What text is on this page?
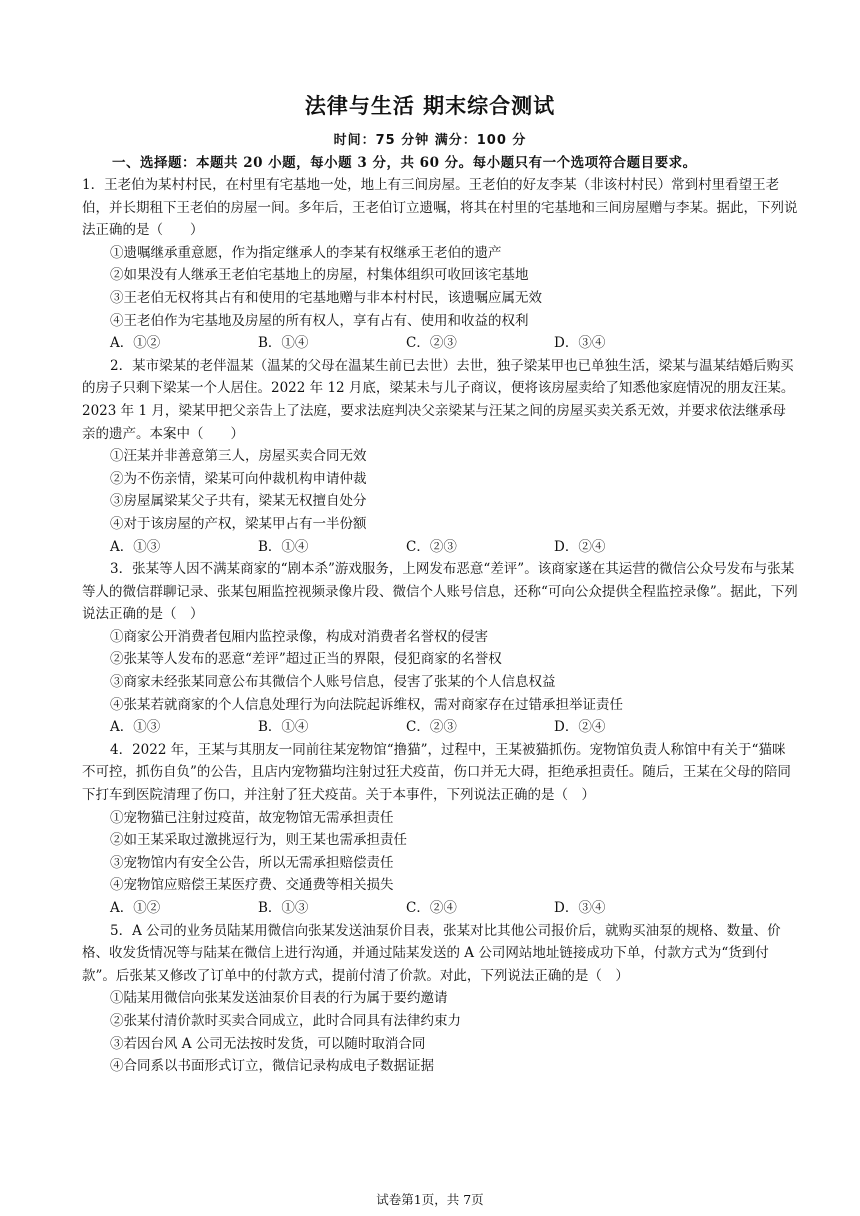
法律与生活 期末综合测试
时间：75 分钟 满分：100 分
一、选择题：本题共 20 小题，每小题 3 分，共 60 分。每小题只有一个选项符合题目要求。

1．王老伯为某村村民，在村里有宅基地一处，地上有三间房屋。王老伯的好友李某（非该村村民）常到村里看望王老伯，并长期租下王老伯的房屋一间。多年后，王老伯订立遗嘱，将其在村里的宅基地和三间房屋赠与李某。据此，下列说法正确的是（　　）

①遗嘱继承重意愿，作为指定继承人的李某有权继承王老伯的遗产

②如果没有人继承王老伯宅基地上的房屋，村集体组织可收回该宅基地

③王老伯无权将其占有和使用的宅基地赠与非本村村民，该遗嘱应属无效

④王老伯作为宅基地及房屋的所有权人，享有占有、使用和收益的权利

A．①②	B．①④	C．②③	D．③④

2．某市梁某的老伴温某（温某的父母在温某生前已去世）去世，独子梁某甲也已单独生活，梁某与温某结婚后购买的房子只剩下梁某一个人居住。2022 年 12 月底，梁某未与儿子商议，便将该房屋卖给了知悉他家庭情况的朋友汪某。2023 年 1 月，梁某甲把父亲告上了法庭，要求法庭判决父亲梁某与汪某之间的房屋买卖关系无效，并要求依法继承母亲的遗产。本案中（　　）

①汪某并非善意第三人，房屋买卖合同无效

②为不伤亲情，梁某可向仲裁机构申请仲裁

③房屋属梁某父子共有，梁某无权擅自处分

④对于该房屋的产权，梁某甲占有一半份额

A．①③	B．①④	C．②③	D．②④

3．张某等人因不满某商家的“剧本杀”游戏服务，上网发布恶意“差评”。该商家遂在其运营的微信公众号发布与张某等人的微信群聊记录、张某包厢监控视频录像片段、微信个人账号信息，还称“可向公众提供全程监控录像”。据此，下列说法正确的是（　）

①商家公开消费者包厢内监控录像，构成对消费者名誉权的侵害

②张某等人发布的恶意“差评”超过正当的界限，侵犯商家的名誉权

③商家未经张某同意公布其微信个人账号信息，侵害了张某的个人信息权益

④张某若就商家的个人信息处理行为向法院起诉维权，需对商家存在过错承担举证责任

A．①③	B．①④	C．②③	D．②④

4．2022 年，王某与其朋友一同前往某宠物馆“撸猫”，过程中，王某被猫抓伤。宠物馆负责人称馆中有关于“猫咪不可控，抓伤自负”的公告，且店内宠物猫均注射过狂犬疫苗，伤口并无大碍，拒绝承担责任。随后，王某在父母的陪同下打车到医院清理了伤口，并注射了狂犬疫苗。关于本事件，下列说法正确的是（　）

①宠物猫已注射过疫苗，故宠物馆无需承担责任

②如王某采取过激挑逗行为，则王某也需承担责任

③宠物馆内有安全公告，所以无需承担赔偿责任

④宠物馆应赔偿王某医疗费、交通费等相关损失

A．①②	B．①③	C．②④	D．③④

5．A 公司的业务员陆某用微信向张某发送油泵价目表，张某对比其他公司报价后，就购买油泵的规格、数量、价格、收发货情况等与陆某在微信上进行沟通，并通过陆某发送的 A 公司网站地址链接成功下单，付款方式为“货到付款”。后张某又修改了订单中的付款方式，提前付清了价款。对此，下列说法正确的是（　）

①陆某用微信向张某发送油泵价目表的行为属于要约邀请

②张某付清价款时买卖合同成立，此时合同具有法律约束力

③若因台风 A 公司无法按时发货，可以随时取消合同

④合同系以书面形式订立，微信记录构成电子数据证据

试卷第1页，共 7页
